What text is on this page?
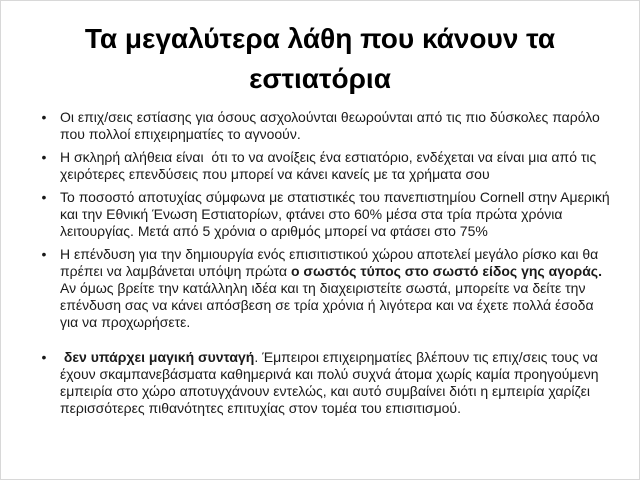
Τα μεγαλύτερα λάθη που κάνουν τα εστιατόρια
• Οι επιχ/σεις εστίασης για όσους ασχολούνται θεωρούνται από τις πιο δύσκολες παρόλο που πολλοί επιχειρηματίες το αγνοούν.
• Η σκληρή αλήθεια είναι  ότι το να ανοίξεις ένα εστιατόριο, ενδέχεται να είναι μια από τις χειρότερες επενδύσεις που μπορεί να κάνει κανείς με τα χρήματα σου
• Το ποσοστό αποτυχίας σύμφωνα με στατιστικές του πανεπιστημίου Cornell στην Αμερική και την Εθνική Ένωση Εστιατορίων, φτάνει στο 60% μέσα στα τρία πρώτα χρόνια λειτουργίας. Μετά από 5 χρόνια ο αριθμός μπορεί να φτάσει στο 75%
• Η επένδυση για την δημιουργία ενός επισιτιστικού χώρου αποτελεί μεγάλο ρίσκο και θα πρέπει να λαμβάνεται υπόψη πρώτα ο σωστός τύπος στο σωστό είδος γης αγοράς. Αν όμως βρείτε την κατάλληλη ιδέα και τη διαχειριστείτε σωστά, μπορείτε να δείτε την επένδυση σας να κάνει απόσβεση σε τρία χρόνια ή λιγότερα και να έχετε πολλά έσοδα για να προχωρήσετε.
•	δεν υπάρχει μαγική συνταγή. Έμπειροι επιχειρηματίες βλέπουν τις επιχ/σεις τους να έχουν σκαμπανεβάσματα καθημερινά και πολύ συχνά άτομα χωρίς καμία προηγούμενη εμπειρία στο χώρο αποτυγχάνουν εντελώς, και αυτό συμβαίνει διότι η εμπειρία χαρίζει περισσότερες πιθανότητες επιτυχίας στον τομέα του επισιτισμού.
